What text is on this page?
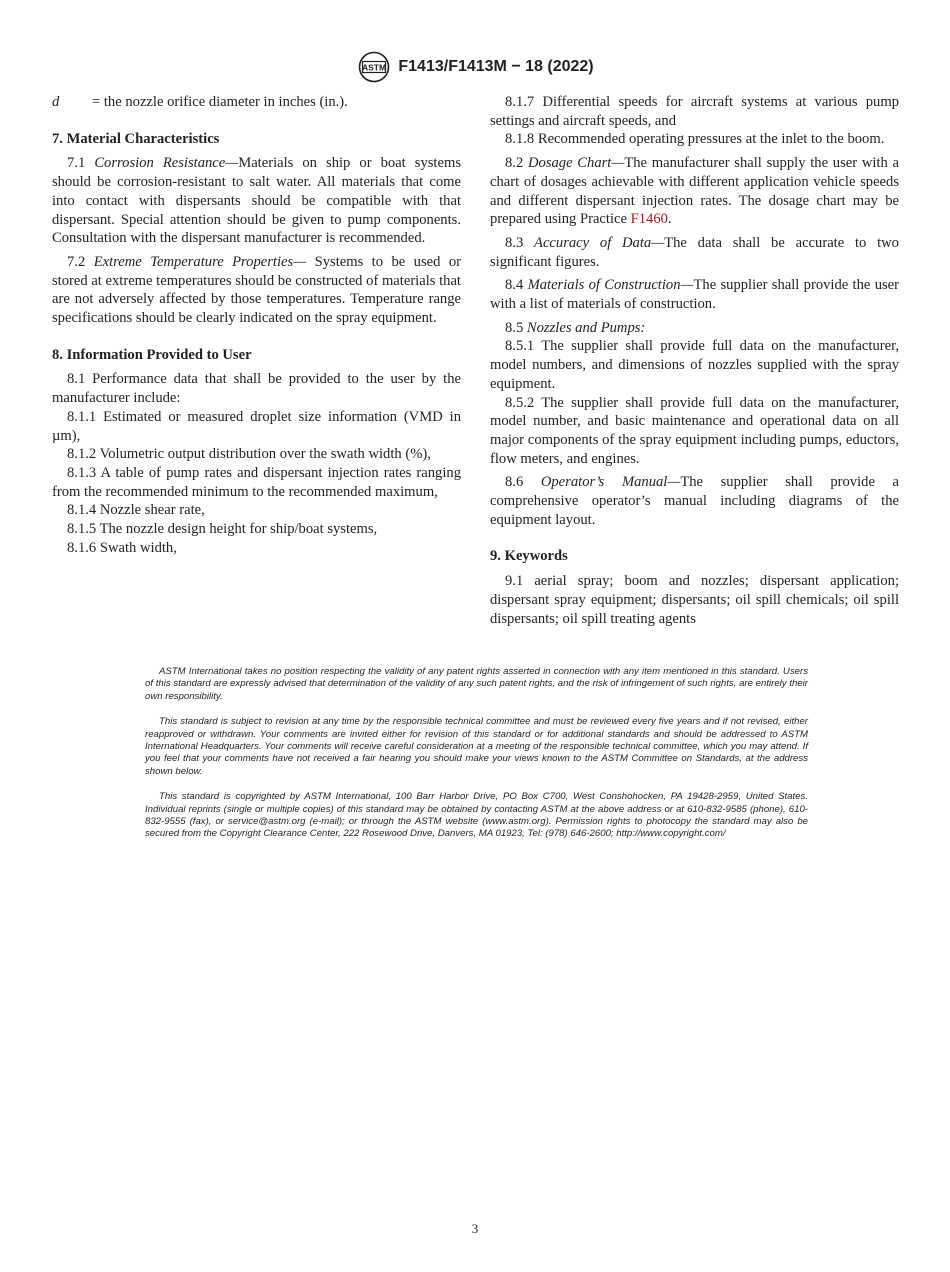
ASTM F1413/F1413M − 18 (2022)
d	= the nozzle orifice diameter in inches (in.).
7. Material Characteristics

7.1 Corrosion Resistance—Materials on ship or boat systems should be corrosion-resistant to salt water. All materials that come into contact with dispersants should be compatible with that dispersant. Special attention should be given to pump components. Consultation with the dispersant manufacturer is recommended.

7.2 Extreme Temperature Properties— Systems to be used or stored at extreme temperatures should be constructed of materials that are not adversely affected by those temperatures. Temperature range specifications should be clearly indicated on the spray equipment.

8. Information Provided to User

8.1 Performance data that shall be provided to the user by the manufacturer include:

8.1.1 Estimated or measured droplet size information (VMD in µm),

8.1.2 Volumetric output distribution over the swath width (%),

8.1.3 A table of pump rates and dispersant injection rates ranging from the recommended minimum to the recommended maximum,

8.1.4 Nozzle shear rate,

8.1.5 The nozzle design height for ship/boat systems,

8.1.6 Swath width,

8.1.7 Differential speeds for aircraft systems at various pump settings and aircraft speeds, and

8.1.8 Recommended operating pressures at the inlet to the boom.

8.2 Dosage Chart—The manufacturer shall supply the user with a chart of dosages achievable with different application vehicle speeds and different dispersant injection rates. The dosage chart may be prepared using Practice F1460.

8.3 Accuracy of Data—The data shall be accurate to two significant figures.

8.4 Materials of Construction—The supplier shall provide the user with a list of materials of construction.

8.5 Nozzles and Pumps:

8.5.1 The supplier shall provide full data on the manufacturer, model numbers, and dimensions of nozzles supplied with the spray equipment.

8.5.2 The supplier shall provide full data on the manufacturer, model number, and basic maintenance and operational data on all major components of the spray equipment including pumps, eductors, flow meters, and engines.

8.6 Operator’s Manual—The supplier shall provide a comprehensive operator’s manual including diagrams of the equipment layout.

9. Keywords

9.1 aerial spray; boom and nozzles; dispersant application; dispersant spray equipment; dispersants; oil spill chemicals; oil spill dispersants; oil spill treating agents

ASTM International takes no position respecting the validity of any patent rights asserted in connection with any item mentioned in this standard. Users of this standard are expressly advised that determination of the validity of any such patent rights, and the risk of infringement of such rights, are entirely their own responsibility.

This standard is subject to revision at any time by the responsible technical committee and must be reviewed every five years and if not revised, either reapproved or withdrawn. Your comments are invited either for revision of this standard or for additional standards and should be addressed to ASTM International Headquarters. Your comments will receive careful consideration at a meeting of the responsible technical committee, which you may attend. If you feel that your comments have not received a fair hearing you should make your views known to the ASTM Committee on Standards, at the address shown below.

This standard is copyrighted by ASTM International, 100 Barr Harbor Drive, PO Box C700, West Conshohocken, PA 19428-2959, United States. Individual reprints (single or multiple copies) of this standard may be obtained by contacting ASTM at the above address or at 610-832-9585 (phone), 610-832-9555 (fax), or service@astm.org (e-mail); or through the ASTM website (www.astm.org). Permission rights to photocopy the standard may also be secured from the Copyright Clearance Center, 222 Rosewood Drive, Danvers, MA 01923, Tel: (978) 646-2600; http://www.copyright.com/

3
